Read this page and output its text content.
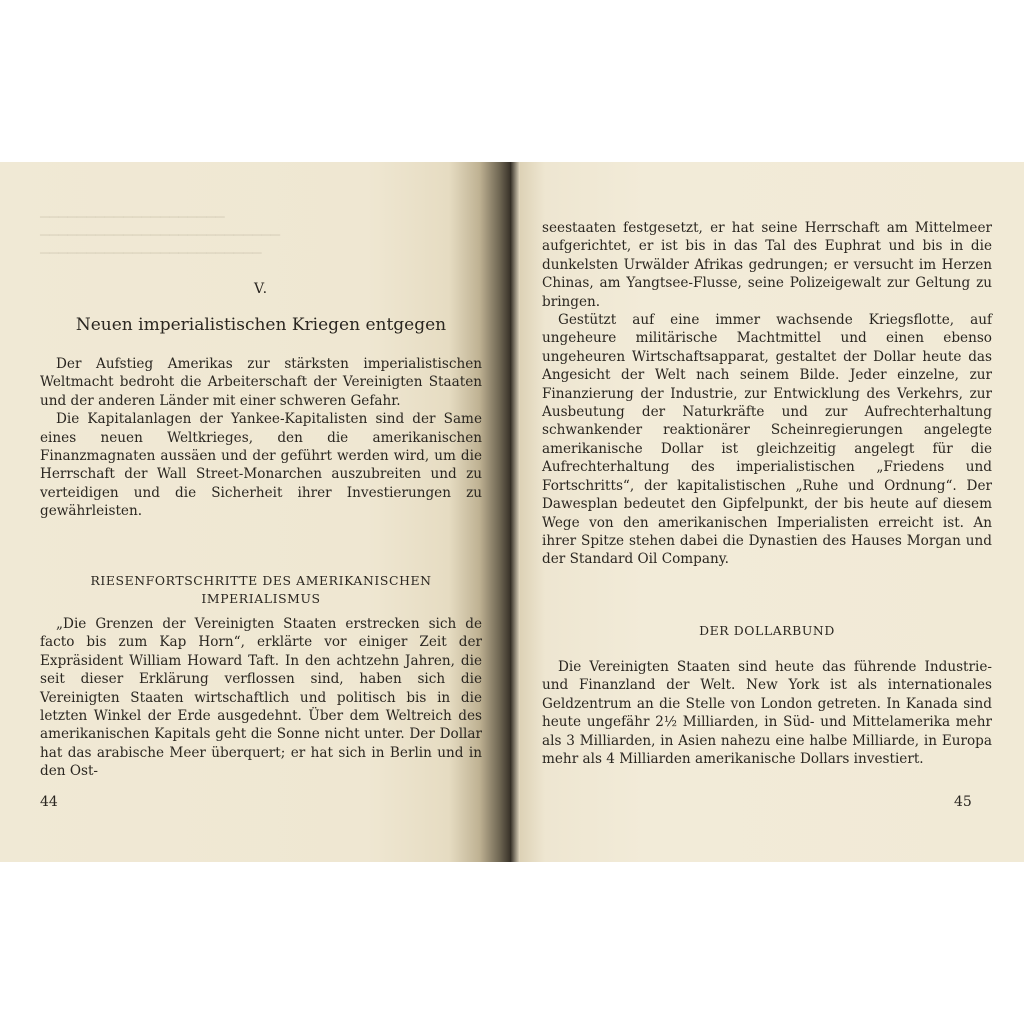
▁▁▁▁▁▁▁▁▁▁▁▁▁▁▁▁▁▁▁▁
▁▁▁▁▁▁▁▁▁▁▁▁▁▁▁▁▁▁▁▁▁▁▁▁▁▁
▁▁▁▁▁▁▁▁▁▁▁▁▁▁▁▁▁▁▁▁▁▁▁▁
V.
Neuen imperialistischen Kriegen entgegen

Der Aufstieg Amerikas zur stärksten imperialistischen Weltmacht bedroht die Arbeiterschaft der Vereinigten Staaten und der anderen Länder mit einer schweren Gefahr.

Die Kapitalanlagen der Yankee-Kapitalisten sind der Same eines neuen Weltkrieges, den die amerikanischen Finanzmagnaten aussäen und der geführt werden wird, um die Herrschaft der Wall Street-Monarchen auszubreiten und zu verteidigen und die Sicherheit ihrer Investierungen zu gewährleisten.

RIESENFORTSCHRITTE DES AMERIKANISCHEN
IMPERIALISMUS

„Die Grenzen der Vereinigten Staaten erstrecken sich de facto bis zum Kap Horn“, erklärte vor einiger Zeit der Expräsident William Howard Taft. In den achtzehn Jahren, die seit dieser Erklärung verflossen sind, haben sich die Vereinigten Staaten wirtschaftlich und politisch bis in die letzten Winkel der Erde ausgedehnt. Über dem Weltreich des amerikanischen Kapitals geht die Sonne nicht unter. Der Dollar hat das arabische Meer überquert; er hat sich in Berlin und in den Ost-

44

seestaaten festgesetzt, er hat seine Herrschaft am Mittelmeer aufgerichtet, er ist bis in das Tal des Euphrat und bis in die dunkelsten Urwälder Afrikas gedrungen; er versucht im Herzen Chinas, am Yangtsee-Flusse, seine Polizeigewalt zur Geltung zu bringen.

Gestützt auf eine immer wachsende Kriegsflotte, auf ungeheure militärische Machtmittel und einen ebenso ungeheuren Wirtschaftsapparat, gestaltet der Dollar heute das Angesicht der Welt nach seinem Bilde. Jeder einzelne, zur Finanzierung der Industrie, zur Entwicklung des Verkehrs, zur Ausbeutung der Naturkräfte und zur Aufrechterhaltung schwankender reaktionärer Scheinregierungen angelegte amerikanische Dollar ist gleichzeitig angelegt für die Aufrechterhaltung des imperialistischen „Friedens und Fortschritts“, der kapitalistischen „Ruhe und Ordnung“. Der Dawesplan bedeutet den Gipfelpunkt, der bis heute auf diesem Wege von den amerikanischen Imperialisten erreicht ist. An ihrer Spitze stehen dabei die Dynastien des Hauses Morgan und der Standard Oil Company.

DER DOLLARBUND

Die Vereinigten Staaten sind heute das führende Industrie- und Finanzland der Welt. New York ist als internationales Geldzentrum an die Stelle von London getreten. In Kanada sind heute ungefähr 2½ Milliarden, in Süd- und Mittelamerika mehr als 3 Milliarden, in Asien nahezu eine halbe Milliarde, in Europa mehr als 4 Milliarden amerikanische Dollars investiert.

45
